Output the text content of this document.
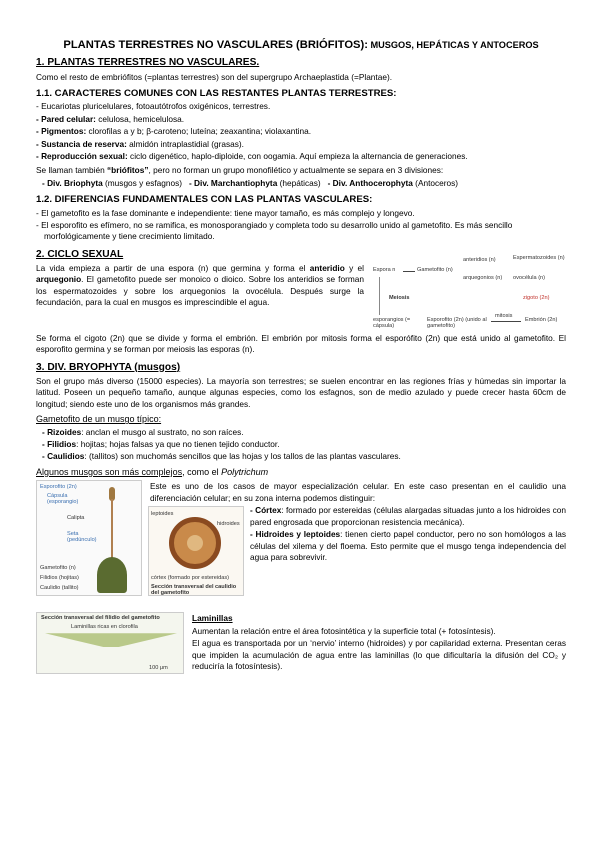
PLANTAS TERRESTRES NO VASCULARES (BRIÓFITOS): MUSGOS, HEPÁTICAS Y ANTOCEROS
1. PLANTAS TERRESTRES NO VASCULARES.

Como el resto de embriófitos (=plantas terrestres) son del supergrupo Archaeplastida (=Plantae).

1.1. CARACTERES COMUNES CON LAS RESTANTES PLANTAS TERRESTRES:

- Eucariotas pluricelulares, fotoautótrofos oxigénicos, terrestres.

- Pared celular: celulosa, hemicelulosa.

- Pigmentos: clorofilas a y b; β-caroteno; luteína; zeaxantina; violaxantina.

- Sustancia de reserva: almidón intraplastidial (grasas).

- Reproducción sexual: ciclo digenético, haplo-diploide, con oogamia. Aquí empieza la alternancia de generaciones.

Se llaman también “briófitos”, pero no forman un grupo monofilético y actualmente se separa en 3 divisiones:

- Div. Briophyta (musgos y esfagnos) - Div. Marchantiophyta (hepáticas) - Div. Anthocerophyta (Antoceros)

1.2. DIFERENCIAS FUNDAMENTALES CON LAS PLANTAS VASCULARES:

- El gametofito es la fase dominante e independiente: tiene mayor tamaño, es más complejo y longevo.

- El esporofito es efímero, no se ramifica, es monosporangiado y completa todo su desarrollo unido al gametofito. Es más sencillo morfológicamente y tiene crecimiento limitado.

2. CICLO SEXUAL

La vida empieza a partir de una espora (n) que germina y forma el anteridio y el arquegonio. El gametofito puede ser monoico o dioico. Sobre los anteridios se forman los espermatozoides y sobre los arquegonios la ovocélula. Después surge la fecundación, para la cual en musgos es imprescindible el agua.

Espora n	Gametofito (n)
anteridios (n)
arquegonios (n)
Espermatozoides (n)
ovocélula (n)
Meiosis	zigoto (2n)
esporangios (= cápsula)
Esporofito (2n) (unido al gametofito)
mitosis
Embrión (2n)

Se forma el cigoto (2n) que se divide y forma el embrión. El embrión por mitosis forma el esporófito (2n) que está unido al gametofito. El esporofito germina y se forman por meiosis las esporas (n).

3. DIV. BRYOPHYTA (musgos)

Son el grupo más diverso (15000 especies). La mayoría son terrestres; se suelen encontrar en las regiones frías y húmedas sin importar la latitud. Poseen un pequeño tamaño, aunque algunas especies, como los esfagnos, son de medio azulado y puede crecer hasta 60cm de longitud; siendo este uno de los organismos más grandes.

Gametofito de un musgo típico:

- Rizoides: anclan el musgo al sustrato, no son raíces.

- Filidios: hojitas; hojas falsas ya que no tienen tejido conductor.

- Caulidios: (tallitos) son muchomás sencillos que las hojas y los tallos de las plantas vasculares.

Algunos musgos son más complejos, como el Polytrichum

Esporofito (2n)
Cápsula (esporangio)
Calipta
Seta (pedúnculo)
Gametofito (n)
Filidios (hojitas)
Caulidio (tallito)
leptoides
hidroides
córtex (formado por estereidas)
Sección transversal del caulidio del gametofito

Este es uno de los casos de mayor especialización celular. En este caso presentan en el caulidio una diferenciación celular; en su zona interna podemos distinguir:

- Córtex: formado por estereidas (células alargadas situadas junto a los hidroides con pared engrosada que proporcionan resistencia mecánica).

- Hidroides y leptoides: tienen cierto papel conductor, pero no son homólogos a las células del xilema y del floema. Esto permite que el musgo tenga independencia del agua para sobrevivir.

Sección transversal del filidio del gametofito
Laminillas ricas en clorofila
100 μm

Laminillas

Aumentan la relación entre el área fotosintética y la superficie total (+ fotosíntesis).

El agua es transportada por un ‘nervio’ interno (hidroides) y por capilaridad externa. Presentan ceras que impiden la acumulación de agua entre las laminillas (lo que dificultaría la difusión del CO₂ y reduciría la fotosíntesis).
